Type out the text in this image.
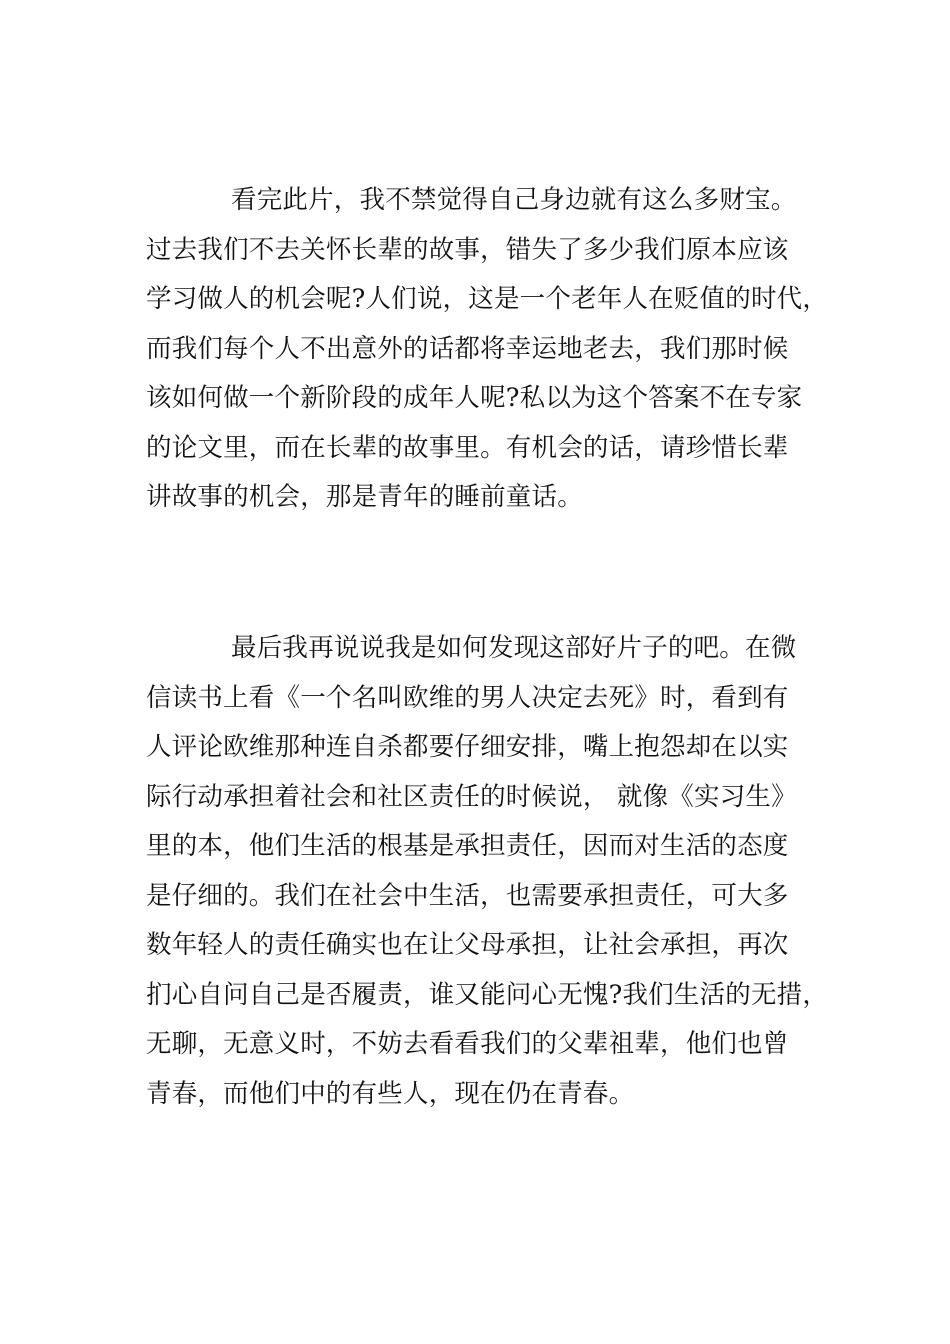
看完此片，我不禁觉得自己身边就有这么多财宝。
过去我们不去关怀长辈的故事，错失了多少我们原本应该
学习做人的机会呢?人们说，这是一个老年人在贬值的时代，
而我们每个人不出意外的话都将幸运地老去，我们那时候
该如何做一个新阶段的成年人呢?私以为这个答案不在专家
的论文里，而在长辈的故事里。有机会的话，请珍惜长辈
讲故事的机会，那是青年的睡前童话。
最后我再说说我是如何发现这部好片子的吧。在微
信读书上看《一个名叫欧维的男人决定去死》时，看到有
人评论欧维那种连自杀都要仔细安排，嘴上抱怨却在以实
际行动承担着社会和社区责任的时候说， 就像《实习生》
里的本，他们生活的根基是承担责任，因而对生活的态度
是仔细的。我们在社会中生活，也需要承担责任，可大多
数年轻人的责任确实也在让父母承担，让社会承担，再次
扪心自问自己是否履责，谁又能问心无愧?我们生活的无措，
无聊，无意义时，不妨去看看我们的父辈祖辈，他们也曾
青春，而他们中的有些人，现在仍在青春。
